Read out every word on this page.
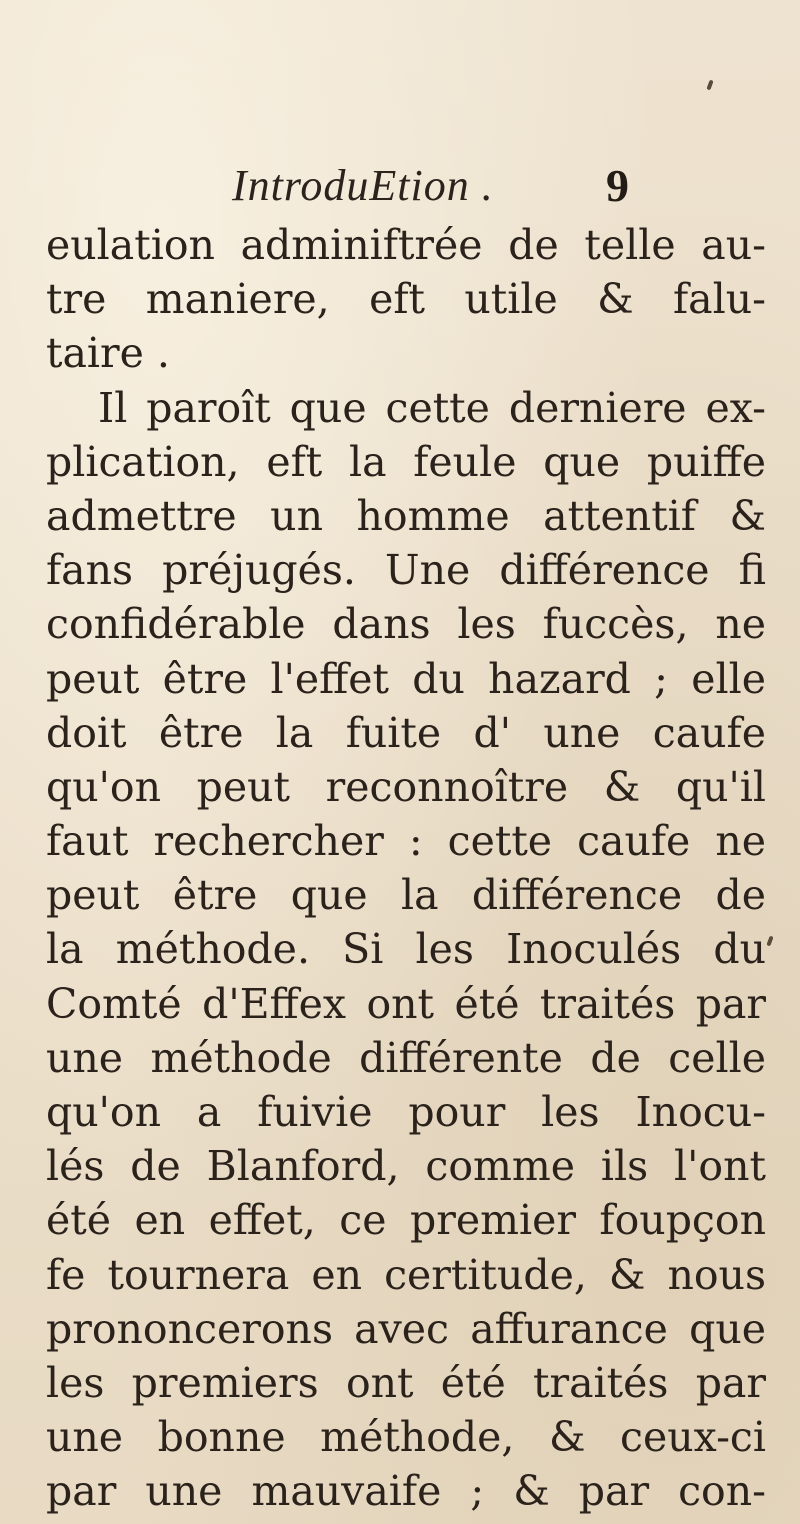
IntroduEtion . 9
eulation adminiftrée de telle au-
tre maniere, eft utile & falu-
taire .
Il paroît que cette derniere ex-
plication, eft la feule que puiffe
admettre un homme attentif &
fans préjugés. Une différence fi
confidérable dans les fuccès, ne
peut être l'effet du hazard ; elle
doit être la fuite d' une caufe
qu'on peut reconnoître & qu'il
faut rechercher : cette caufe ne
peut être que la différence de
la méthode. Si les Inoculés du
Comté d'Effex ont été traités par
une méthode différente de celle
qu'on a fuivie pour les Inocu-
lés de Blanford, comme ils l'ont
été en effet, ce premier foupçon
fe tournera en certitude, & nous
prononcerons avec affurance que
les premiers ont été traités par
une bonne méthode, & ceux-ci
par une mauvaife ; & par con-
